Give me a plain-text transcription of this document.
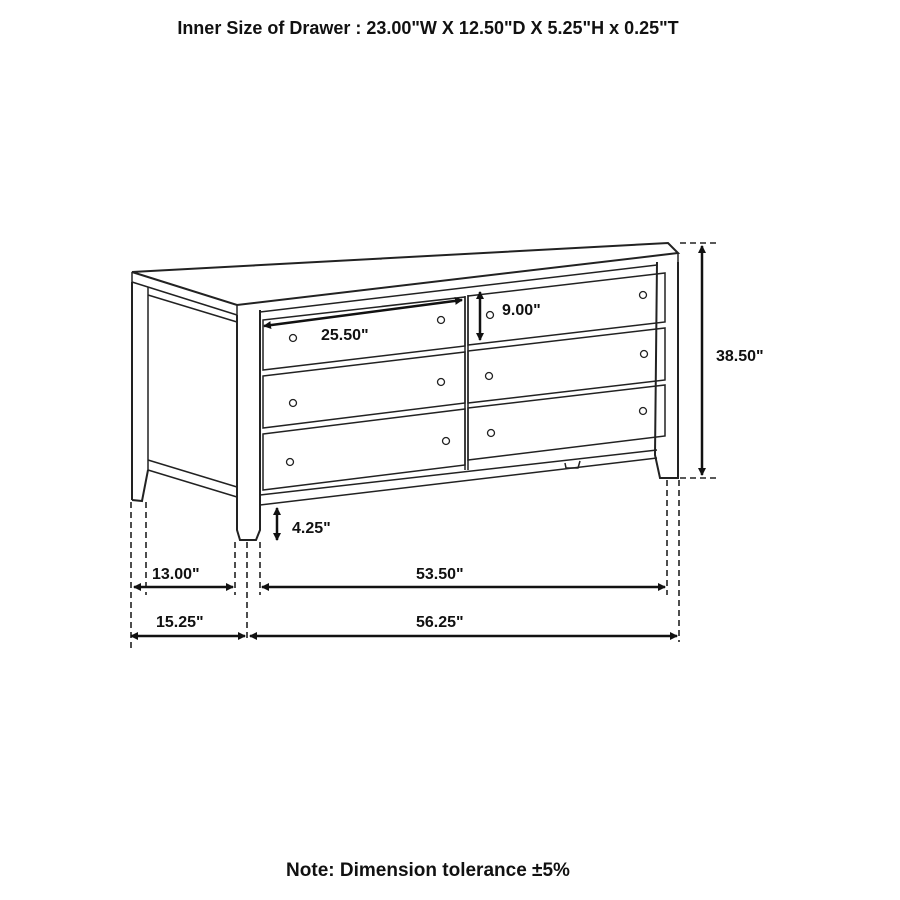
Inner Size of Drawer : 23.00"W X 12.50"D X 5.25"H x 0.25"T
25.50"
9.00"
38.50"
4.25"
13.00"	53.50"
15.25"	56.25"
Note: Dimension tolerance ±5%
